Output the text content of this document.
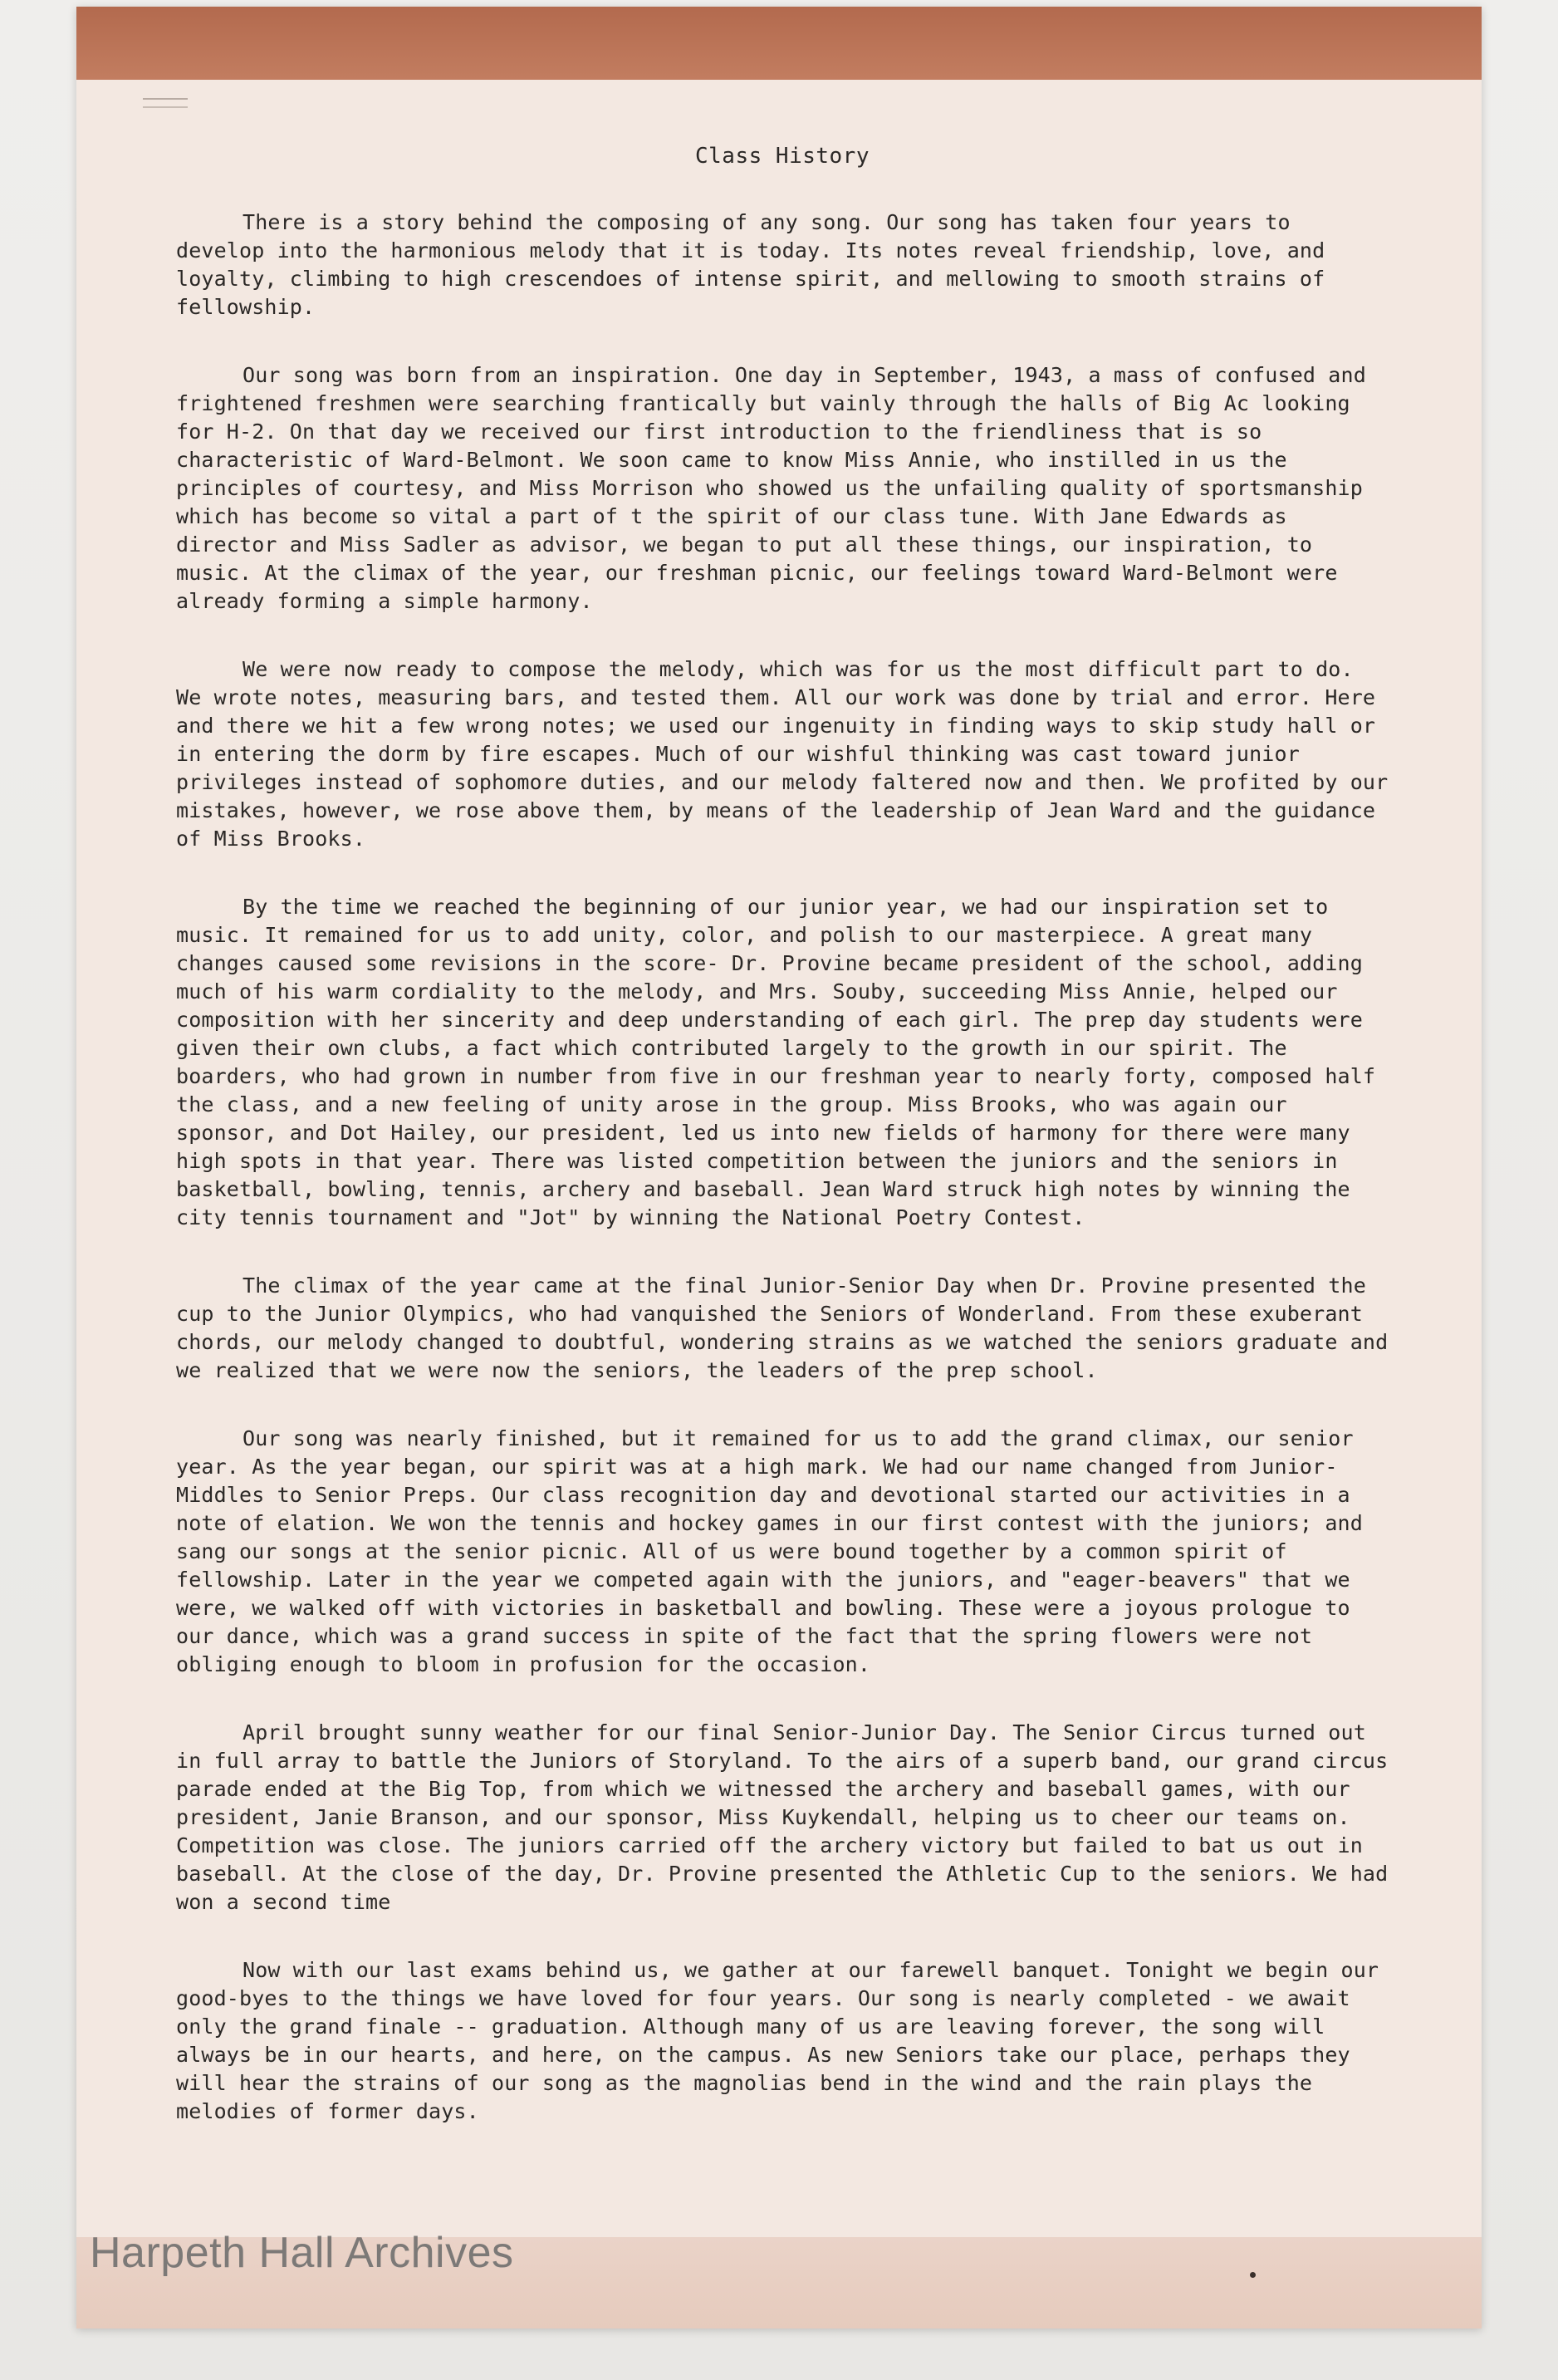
Class History

There is a story behind the composing of any song. Our song has taken four years to develop into the harmonious melody that it is today. Its notes reveal friendship, love, and loyalty, climbing to high crescendoes of intense spirit, and mellowing to smooth strains of fellowship.

Our song was born from an inspiration. One day in September, 1943, a mass of confused and frightened freshmen were searching frantically but vainly through the halls of Big Ac looking for H-2. On that day we received our first introduction to the friendliness that is so characteristic of Ward-Belmont. We soon came to know Miss Annie, who instilled in us the principles of courtesy, and Miss Morrison who showed us the unfailing quality of sportsmanship which has become so vital a part of t the spirit of our class tune. With Jane Edwards as director and Miss Sadler as advisor, we began to put all these things, our inspiration, to music. At the climax of the year, our freshman picnic, our feelings toward Ward-Belmont were already forming a simple harmony.

We were now ready to compose the melody, which was for us the most difficult part to do. We wrote notes, measuring bars, and tested them. All our work was done by trial and error. Here and there we hit a few wrong notes; we used our ingenuity in finding ways to skip study hall or in entering the dorm by fire escapes. Much of our wishful thinking was cast toward junior privileges instead of sophomore duties, and our melody faltered now and then. We profited by our mistakes, however, we rose above them, by means of the leadership of Jean Ward and the guidance of Miss Brooks.

By the time we reached the beginning of our junior year, we had our inspiration set to music. It remained for us to add unity, color, and polish to our masterpiece. A great many changes caused some revisions in the score- Dr. Provine became president of the school, adding much of his warm cordiality to the melody, and Mrs. Souby, succeeding Miss Annie, helped our composition with her sincerity and deep understanding of each girl. The prep day students were given their own clubs, a fact which contributed largely to the growth in our spirit. The boarders, who had grown in number from five in our freshman year to nearly forty, composed half the class, and a new feeling of unity arose in the group. Miss Brooks, who was again our sponsor, and Dot Hailey, our president, led us into new fields of harmony for there were many high spots in that year. There was listed competition between the juniors and the seniors in basketball, bowling, tennis, archery and baseball. Jean Ward struck high notes by winning the city tennis tournament and "Jot" by winning the National Poetry Contest.

The climax of the year came at the final Junior-Senior Day when Dr. Provine presented the cup to the Junior Olympics, who had vanquished the Seniors of Wonderland. From these exuberant chords, our melody changed to doubtful, wondering strains as we watched the seniors graduate and we realized that we were now the seniors, the leaders of the prep school.

Our song was nearly finished, but it remained for us to add the grand climax, our senior year. As the year began, our spirit was at a high mark. We had our name changed from Junior-Middles to Senior Preps. Our class recognition day and devotional started our activities in a note of elation. We won the tennis and hockey games in our first contest with the juniors; and sang our songs at the senior picnic. All of us were bound together by a common spirit of fellowship. Later in the year we competed again with the juniors, and "eager-beavers" that we were, we walked off with victories in basketball and bowling. These were a joyous prologue to our dance, which was a grand success in spite of the fact that the spring flowers were not obliging enough to bloom in profusion for the occasion.

April brought sunny weather for our final Senior-Junior Day. The Senior Circus turned out in full array to battle the Juniors of Storyland. To the airs of a superb band, our grand circus parade ended at the Big Top, from which we witnessed the archery and baseball games, with our president, Janie Branson, and our sponsor, Miss Kuykendall, helping us to cheer our teams on. Competition was close. The juniors carried off the archery victory but failed to bat us out in baseball. At the close of the day, Dr. Provine presented the Athletic Cup to the seniors. We had won a second time

Now with our last exams behind us, we gather at our farewell banquet. Tonight we begin our good-byes to the things we have loved for four years. Our song is nearly completed - we await only the grand finale -- graduation. Although many of us are leaving forever, the song will always be in our hearts, and here, on the campus. As new Seniors take our place, perhaps they will hear the strains of our song as the magnolias bend in the wind and the rain plays the melodies of former days.

Harpeth Hall Archives
